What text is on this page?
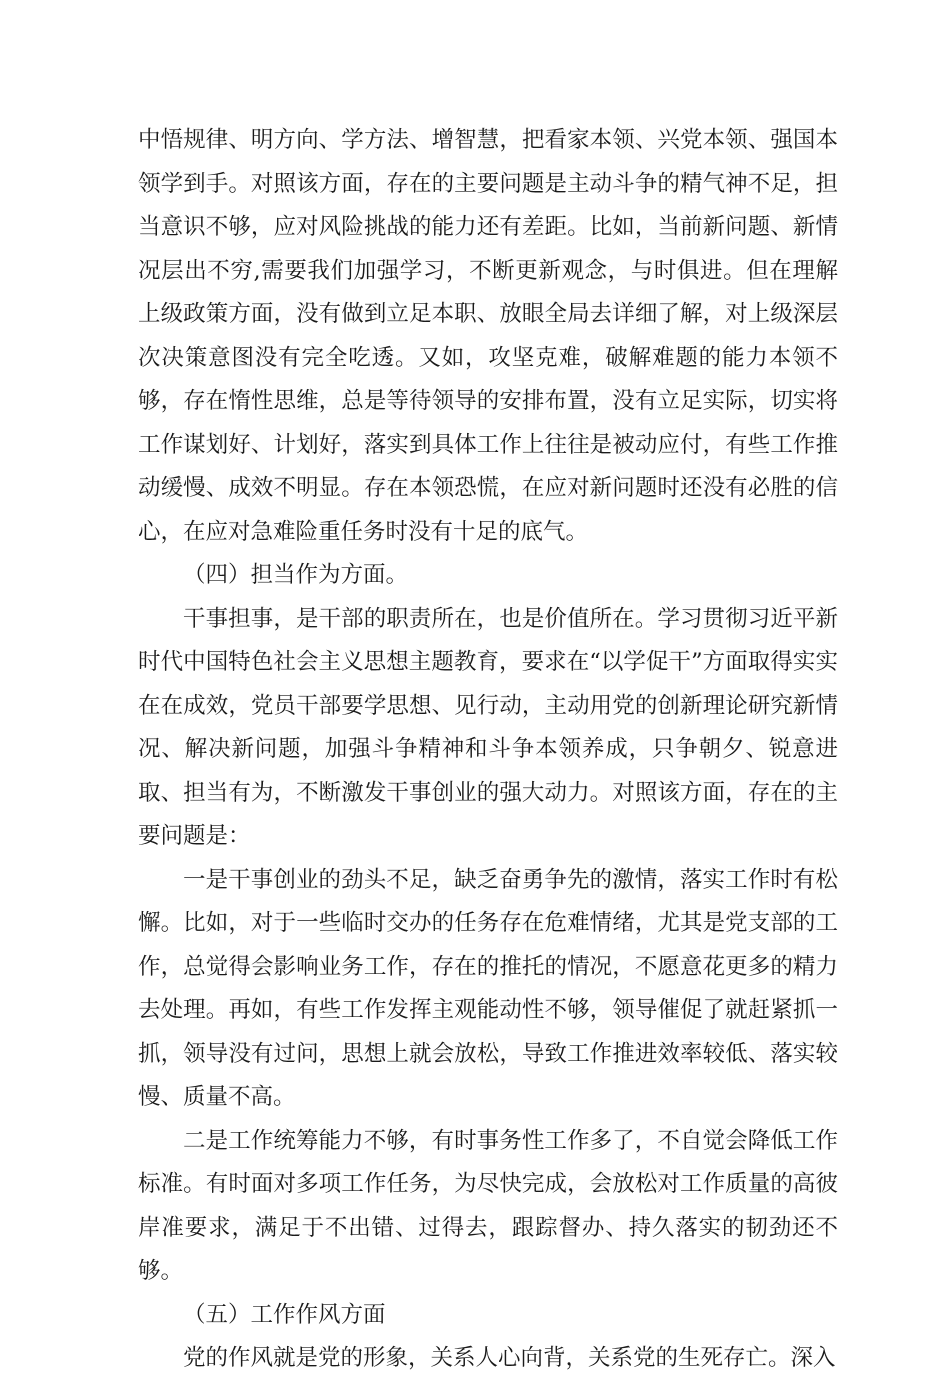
中悟规律、明方向、学方法、增智慧，把看家本领、兴党本领、强国本领学到手。对照该方面，存在的主要问题是主动斗争的精气神不足，担当意识不够，应对风险挑战的能力还有差距。比如，当前新问题、新情况层出不穷,需要我们加强学习，不断更新观念，与时俱进。但在理解上级政策方面，没有做到立足本职、放眼全局去详细了解，对上级深层次决策意图没有完全吃透。又如，攻坚克难，破解难题的能力本领不够，存在惰性思维，总是等待领导的安排布置，没有立足实际，切实将工作谋划好、计划好，落实到具体工作上往往是被动应付，有些工作推动缓慢、成效不明显。存在本领恐慌，在应对新问题时还没有必胜的信心，在应对急难险重任务时没有十足的底气。

（四）担当作为方面。

干事担事，是干部的职责所在，也是价值所在。学习贯彻习近平新时代中国特色社会主义思想主题教育，要求在“以学促干”方面取得实实在在成效，党员干部要学思想、见行动，主动用党的创新理论研究新情况、解决新问题，加强斗争精神和斗争本领养成，只争朝夕、锐意进取、担当有为，不断激发干事创业的强大动力。对照该方面，存在的主要问题是：

一是干事创业的劲头不足，缺乏奋勇争先的激情，落实工作时有松懈。比如，对于一些临时交办的任务存在危难情绪，尤其是党支部的工作，总觉得会影响业务工作，存在的推托的情况，不愿意花更多的精力去处理。再如，有些工作发挥主观能动性不够，领导催促了就赶紧抓一抓，领导没有过问，思想上就会放松，导致工作推进效率较低、落实较慢、质量不高。

二是工作统筹能力不够，有时事务性工作多了，不自觉会降低工作标准。有时面对多项工作任务，为尽快完成，会放松对工作质量的高彼岸准要求，满足于不出错、过得去，跟踪督办、持久落实的韧劲还不够。

（五）工作作风方面

党的作风就是党的形象，关系人心向背，关系党的生死存亡。深入
